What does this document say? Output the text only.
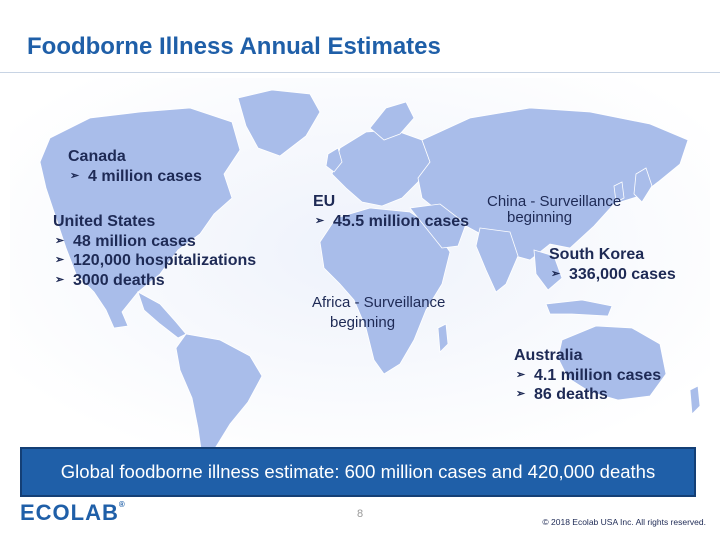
Foodborne Illness Annual Estimates
Canada
➢ 4 million cases
United States
➢ 48 million cases
➢ 120,000 hospitalizations
➢ 3000 deaths
EU
➢ 45.5 million cases
China - Surveillance
beginning
South Korea
➢ 336,000 cases
Africa - Surveillance
beginning
Australia
➢ 4.1 million cases
➢ 86 deaths
Global foodborne illness estimate: 600 million cases and 420,000 deaths
ECOLAB®
8
© 2018 Ecolab USA Inc. All rights reserved.
